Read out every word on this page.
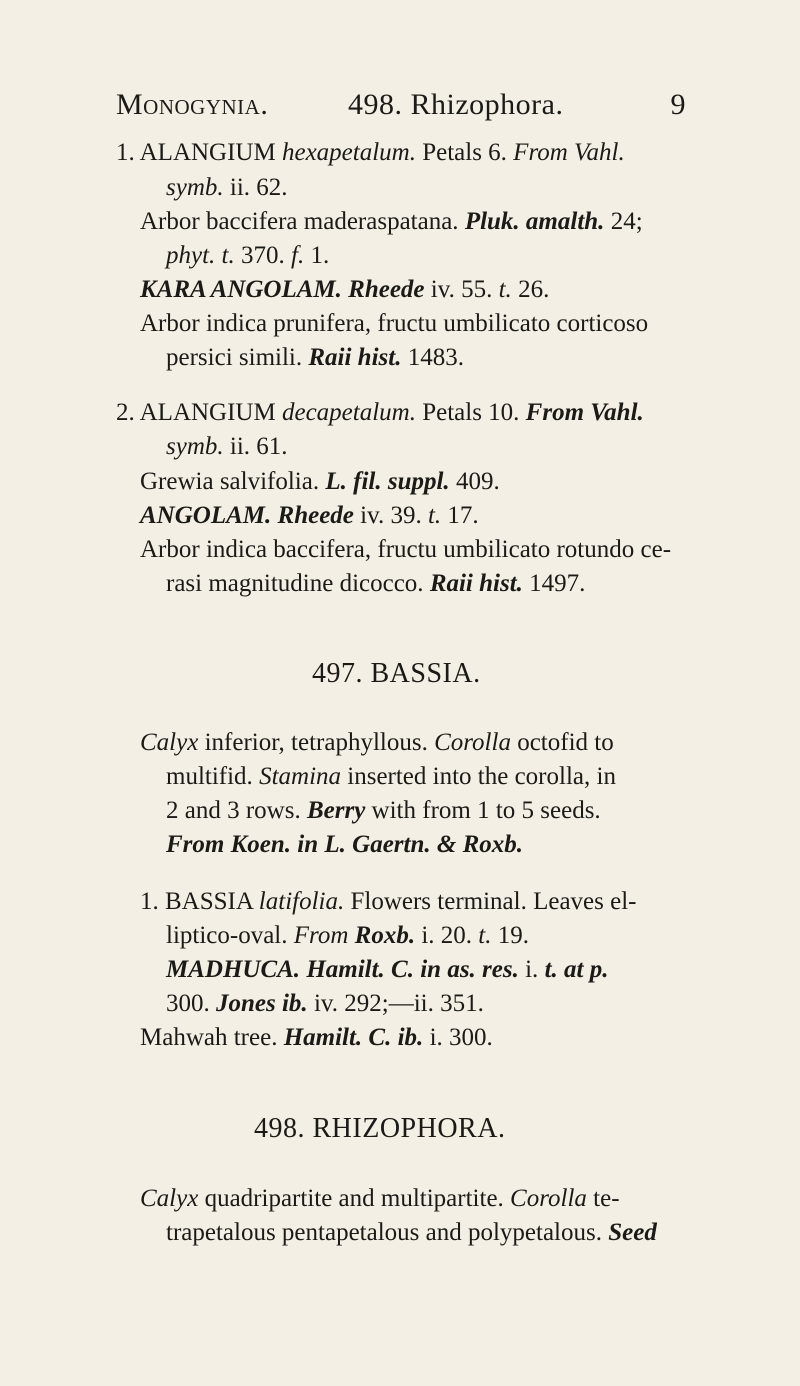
Monogynia.	498. Rhizophora.	9
1. ALANGIUM hexapetalum. Petals 6. From Vahl.
symb. ii. 62.
Arbor baccifera maderaspatana. Pluk. amalth. 24;
phyt. t. 370. f. 1.
KARA ANGOLAM. Rheede iv. 55. t. 26.
Arbor indica prunifera, fructu umbilicato corticoso
persici simili. Raii hist. 1483.
2. ALANGIUM decapetalum. Petals 10. From Vahl.
symb. ii. 61.
Grewia salvifolia. L. fil. suppl. 409.
ANGOLAM. Rheede iv. 39. t. 17.
Arbor indica baccifera, fructu umbilicato rotundo ce-
rasi magnitudine dicocco. Raii hist. 1497.
497. BASSIA.
Calyx inferior, tetraphyllous. Corolla octofid to
multifid. Stamina inserted into the corolla, in
2 and 3 rows. Berry with from 1 to 5 seeds.
From Koen. in L. Gaertn. & Roxb.
1. BASSIA latifolia. Flowers terminal. Leaves el-
liptico-oval. From Roxb. i. 20. t. 19.
MADHUCA. Hamilt. C. in as. res. i. t. at p.
300. Jones ib. iv. 292;—ii. 351.
Mahwah tree. Hamilt. C. ib. i. 300.
498. RHIZOPHORA.
Calyx quadripartite and multipartite. Corolla te-
trapetalous pentapetalous and polypetalous. Seed
